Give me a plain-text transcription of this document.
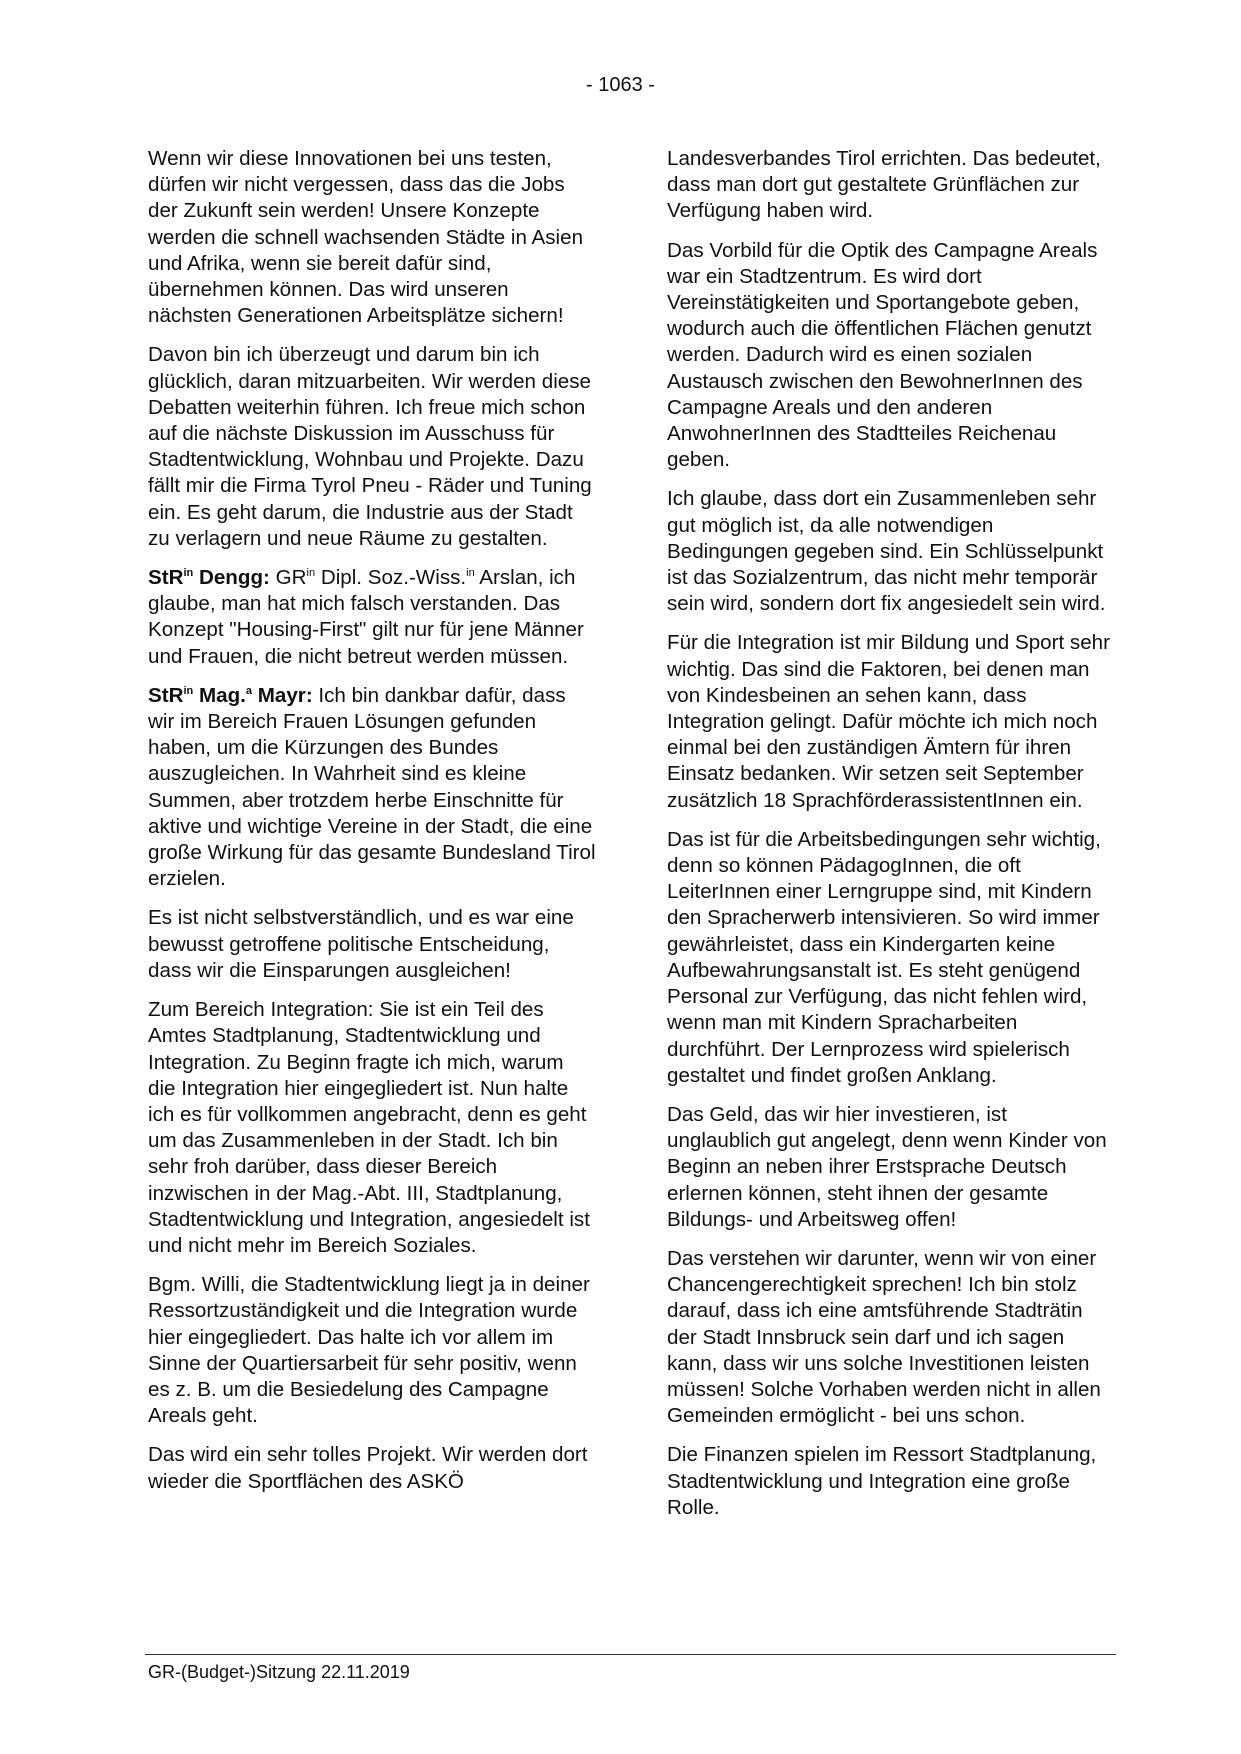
- 1063 -

Wenn wir diese Innovationen bei uns testen, dürfen wir nicht vergessen, dass das die Jobs der Zukunft sein werden! Unsere Konzepte werden die schnell wachsenden Städte in Asien und Afrika, wenn sie bereit dafür sind, übernehmen können. Das wird unseren nächsten Generationen Arbeitsplätze sichern!

Davon bin ich überzeugt und darum bin ich glücklich, daran mitzuarbeiten. Wir werden diese Debatten weiterhin führen. Ich freue mich schon auf die nächste Diskussion im Ausschuss für Stadtentwicklung, Wohnbau und Projekte. Dazu fällt mir die Firma Tyrol Pneu - Räder und Tuning ein. Es geht darum, die Industrie aus der Stadt zu verlagern und neue Räume zu gestalten.

StR$^{in}$ Dengg: $GR^{in}$ Dipl. Soz.-Wiss.$^{in}$ Arslan, ich glaube, man hat mich falsch verstanden. Das Konzept "Housing-First" gilt nur für jene Männer und Frauen, die nicht betreut werden müssen.

StR$^{in}$ Mag.$^a$ Mayr: Ich bin dankbar dafür, dass wir im Bereich Frauen Lösungen gefunden haben, um die Kürzungen des Bundes auszugleichen. In Wahrheit sind es kleine Summen, aber trotzdem herbe Einschnitte für aktive und wichtige Vereine in der Stadt, die eine große Wirkung für das gesamte Bundesland Tirol erzielen.

Es ist nicht selbstverständlich, und es war eine bewusst getroffene politische Entscheidung, dass wir die Einsparungen ausgleichen!

Zum Bereich Integration: Sie ist ein Teil des Amtes Stadtplanung, Stadtentwicklung und Integration. Zu Beginn fragte ich mich, warum die Integration hier eingegliedert ist. Nun halte ich es für vollkommen angebracht, denn es geht um das Zusammenleben in der Stadt. Ich bin sehr froh darüber, dass dieser Bereich inzwischen in der Mag.-Abt. III, Stadtplanung, Stadtentwicklung und Integration, angesiedelt ist und nicht mehr im Bereich Soziales.

Bgm. Willi, die Stadtentwicklung liegt ja in deiner Ressortzuständigkeit und die Integration wurde hier eingegliedert. Das halte ich vor allem im Sinne der Quartiersarbeit für sehr positiv, wenn es z. B. um die Besiedelung des Campagne Areals geht.

Das wird ein sehr tolles Projekt. Wir werden dort wieder die Sportflächen des ASKÖ

Landesverbandes Tirol errichten. Das bedeutet, dass man dort gut gestaltete Grünflächen zur Verfügung haben wird.

Das Vorbild für die Optik des Campagne Areals war ein Stadtzentrum. Es wird dort Vereinstätigkeiten und Sportangebote geben, wodurch auch die öffentlichen Flächen genutzt werden. Dadurch wird es einen sozialen Austausch zwischen den BewohnerInnen des Campagne Areals und den anderen AnwohnerInnen des Stadtteiles Reichenau geben.

Ich glaube, dass dort ein Zusammenleben sehr gut möglich ist, da alle notwendigen Bedingungen gegeben sind. Ein Schlüsselpunkt ist das Sozialzentrum, das nicht mehr temporär sein wird, sondern dort fix angesiedelt sein wird.

Für die Integration ist mir Bildung und Sport sehr wichtig. Das sind die Faktoren, bei denen man von Kindesbeinen an sehen kann, dass Integration gelingt. Dafür möchte ich mich noch einmal bei den zuständigen Ämtern für ihren Einsatz bedanken. Wir setzen seit September zusätzlich 18 SprachförderassistentInnen ein.

Das ist für die Arbeitsbedingungen sehr wichtig, denn so können PädagogInnen, die oft LeiterInnen einer Lerngruppe sind, mit Kindern den Spracherwerb intensivieren. So wird immer gewährleistet, dass ein Kindergarten keine Aufbewahrungsanstalt ist. Es steht genügend Personal zur Verfügung, das nicht fehlen wird, wenn man mit Kindern Spracharbeiten durchführt. Der Lernprozess wird spielerisch gestaltet und findet großen Anklang.

Das Geld, das wir hier investieren, ist unglaublich gut angelegt, denn wenn Kinder von Beginn an neben ihrer Erstsprache Deutsch erlernen können, steht ihnen der gesamte Bildungs- und Arbeitsweg offen!

Das verstehen wir darunter, wenn wir von einer Chancengerechtigkeit sprechen! Ich bin stolz darauf, dass ich eine amtsführende Stadträtin der Stadt Innsbruck sein darf und ich sagen kann, dass wir uns solche Investitionen leisten müssen! Solche Vorhaben werden nicht in allen Gemeinden ermöglicht - bei uns schon.

Die Finanzen spielen im Ressort Stadtplanung, Stadtentwicklung und Integration eine große Rolle.

GR-(Budget-)Sitzung 22.11.2019
